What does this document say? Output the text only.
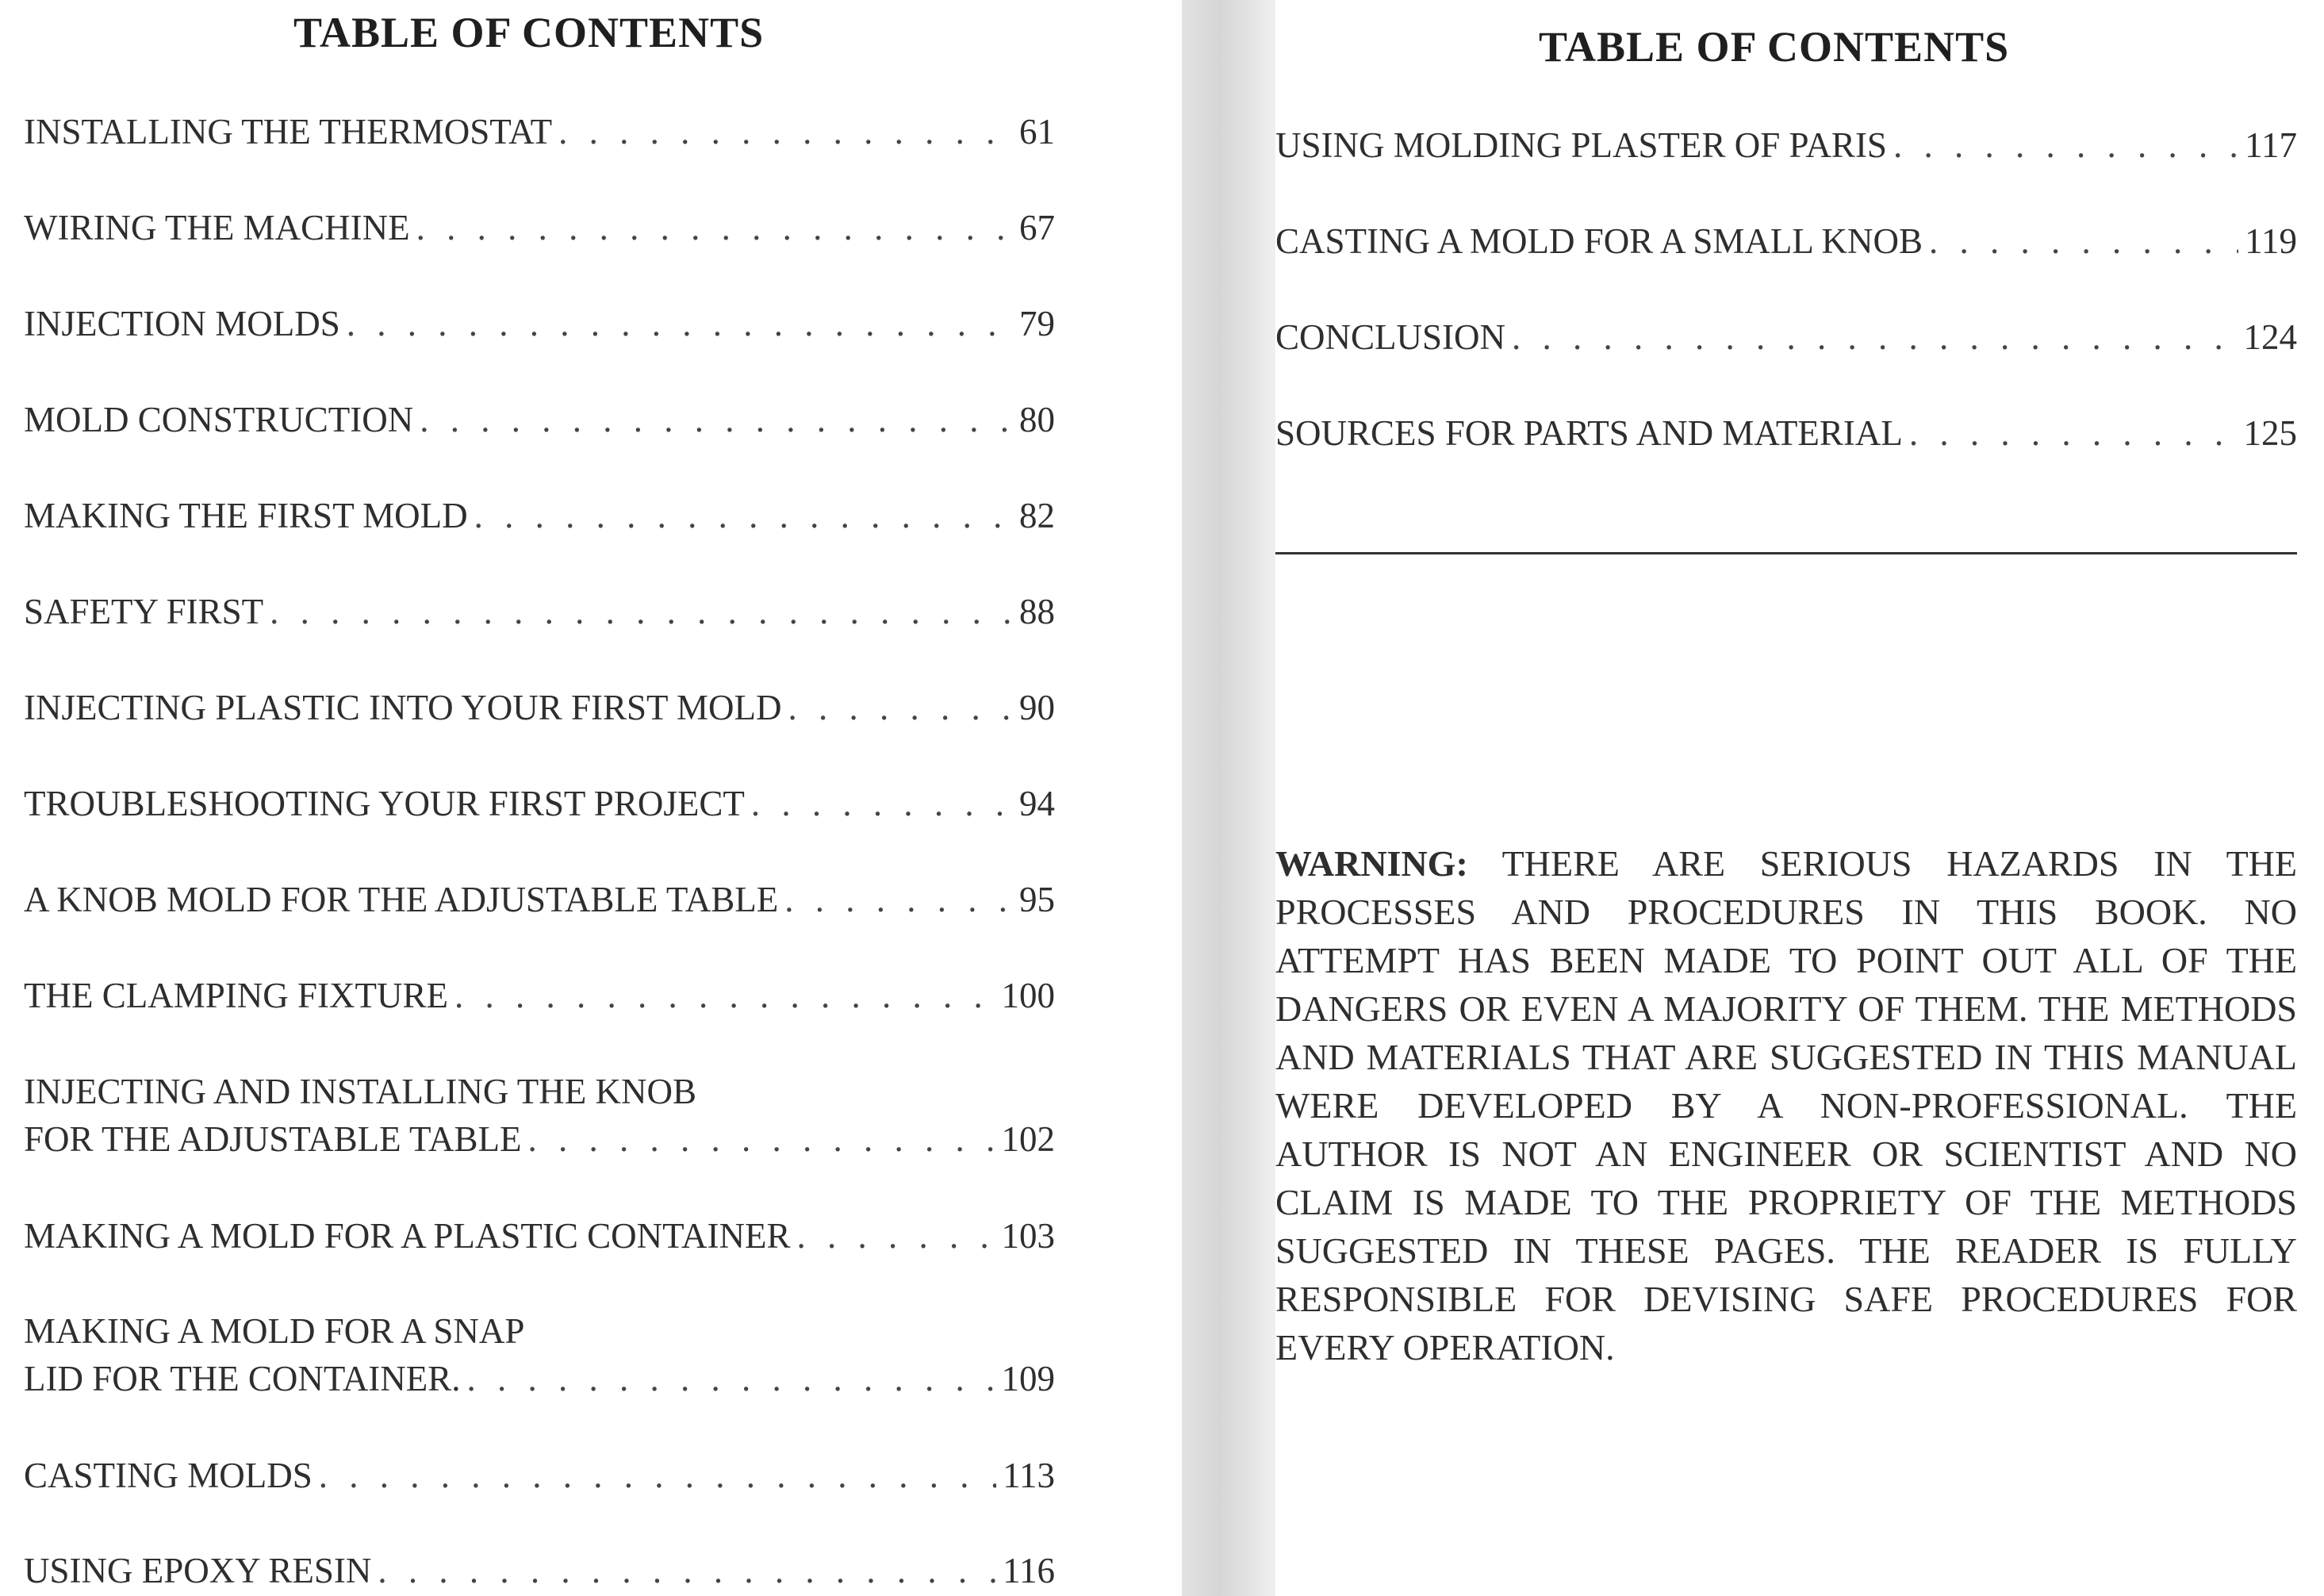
TABLE OF CONTENTS
INSTALLING THE THERMOSTAT . . .	61
WIRING THE MACHINE . . .	67
INJECTION MOLDS . . .	79
MOLD CONSTRUCTION . . .	80
MAKING THE FIRST MOLD . . .	82
SAFETY FIRST . . .	88
INJECTING PLASTIC INTO YOUR FIRST MOLD . . .	90
TROUBLESHOOTING YOUR FIRST PROJECT . . .	94
A KNOB MOLD FOR THE ADJUSTABLE TABLE . . .	95
THE CLAMPING FIXTURE . . .	100
INJECTING AND INSTALLING THE KNOB
FOR THE ADJUSTABLE TABLE . . .	102
MAKING A MOLD FOR A PLASTIC CONTAINER . . .	103
MAKING A MOLD FOR A SNAP
LID FOR THE CONTAINER. . . .	109
CASTING MOLDS . . .	113
USING EPOXY RESIN . . .	116
TABLE OF CONTENTS
USING MOLDING PLASTER OF PARIS . . .	117
CASTING A MOLD FOR A SMALL KNOB . . .	119
CONCLUSION . . .	124
SOURCES FOR PARTS AND MATERIAL . . .	125
WARNING: THERE ARE SERIOUS HAZARDS IN THE PROCESSES AND PROCEDURES IN THIS BOOK. NO ATTEMPT HAS BEEN MADE TO POINT OUT ALL OF THE DANGERS OR EVEN A MAJORITY OF THEM. THE METHODS AND MATERIALS THAT ARE SUGGESTED IN THIS MANUAL WERE DEVELOPED BY A NON-PROFESSIONAL. THE AUTHOR IS NOT AN ENGINEER OR SCIENTIST AND NO CLAIM IS MADE TO THE PROPRIETY OF THE METHODS SUGGESTED IN THESE PAGES. THE READER IS FULLY RESPONSIBLE FOR DEVISING SAFE PROCEDURES FOR EVERY OPERATION.
